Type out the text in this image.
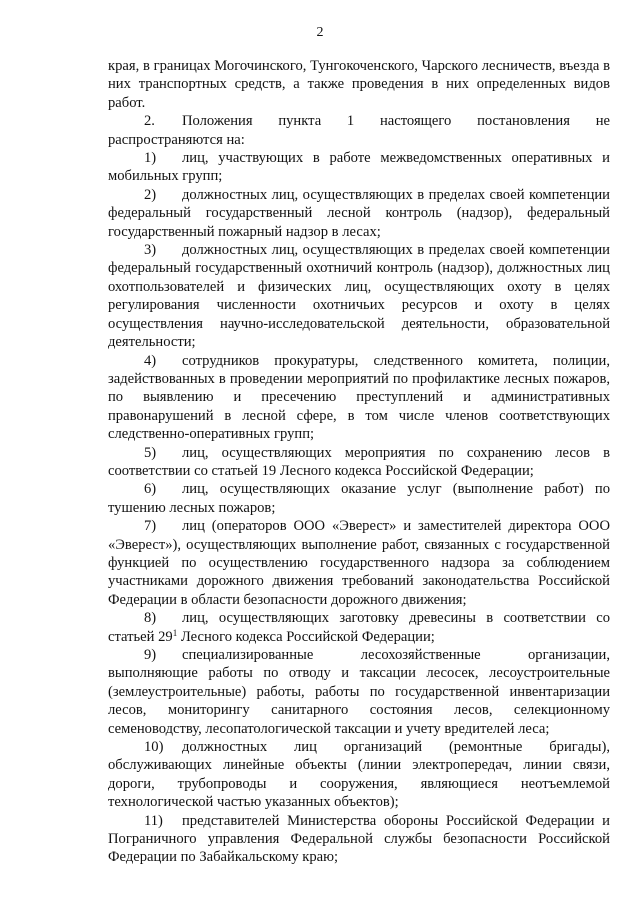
2

края, в границах Могочинского, Тунгокоченского, Чарского лесничеств, въезда в них транспортных средств, а также проведения в них определенных видов работ.

2. Положения пункта 1 настоящего постановления не распространяются на:

1) лиц, участвующих в работе межведомственных оперативных и мобильных групп;

2) должностных лиц, осуществляющих в пределах своей компетенции федеральный государственный лесной контроль (надзор), федеральный государственный пожарный надзор в лесах;

3) должностных лиц, осуществляющих в пределах своей компетенции федеральный государственный охотничий контроль (надзор), должностных лиц охотпользователей и физических лиц, осуществляющих охоту в целях регулирования численности охотничьих ресурсов и охоту в целях осуществления научно-исследовательской деятельности, образовательной деятельности;

4) сотрудников прокуратуры, следственного комитета, полиции, задействованных в проведении мероприятий по профилактике лесных пожаров, по выявлению и пресечению преступлений и административных правонарушений в лесной сфере, в том числе членов соответствующих следственно-оперативных групп;

5) лиц, осуществляющих мероприятия по сохранению лесов в соответствии со статьей 19 Лесного кодекса Российской Федерации;

6) лиц, осуществляющих оказание услуг (выполнение работ) по тушению лесных пожаров;

7) лиц (операторов ООО «Эверест» и заместителей директора ООО «Эверест»), осуществляющих выполнение работ, связанных с государственной функцией по осуществлению государственного надзора за соблюдением участниками дорожного движения требований законодательства Российской Федерации в области безопасности дорожного движения;

8) лиц, осуществляющих заготовку древесины в соответствии со статьей $29^1$ Лесного кодекса Российской Федерации;

9) специализированные лесохозяйственные организации, выполняющие работы по отводу и таксации лесосек, лесоустроительные (землеустроительные) работы, работы по государственной инвентаризации лесов, мониторингу санитарного состояния лесов, селекционному семеноводству, лесопатологической таксации и учету вредителей леса;

10) должностных лиц организаций (ремонтные бригады), обслуживающих линейные объекты (линии электропередач, линии связи, дороги, трубопроводы и сооружения, являющиеся неотъемлемой технологической частью указанных объектов);

11) представителей Министерства обороны Российской Федерации и Пограничного управления Федеральной службы безопасности Российской Федерации по Забайкальскому краю;
